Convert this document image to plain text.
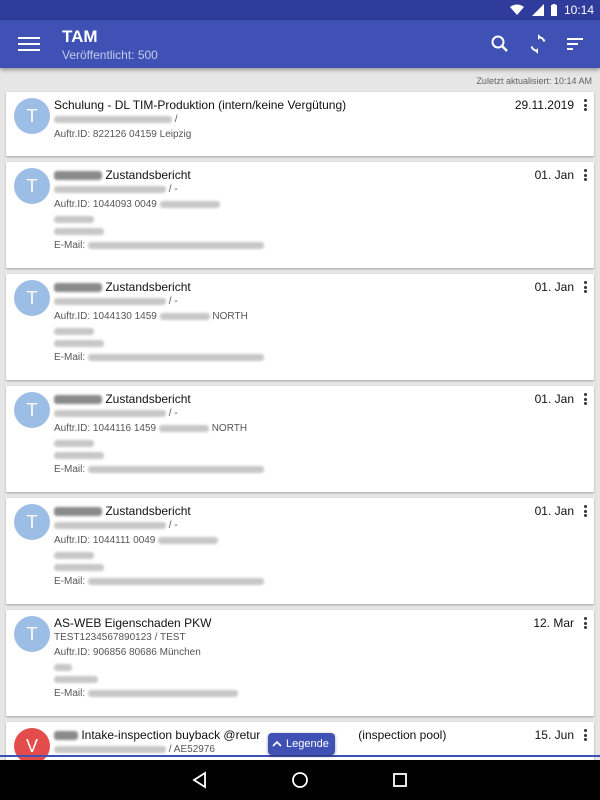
10:14
TAM
Veröffentlicht: 500
Zuletzt aktualisiert: 10:14 AM
T
Schulung - DL TIM-Produktion (intern/keine Vergütung)	29.11.2019
/
Auftr.ID: 822126 04159 Leipzig
T
Zustandsbericht	01. Jan
/ -
Auftr.ID: 1044093 0049
E-Mail:
T
Zustandsbericht	01. Jan
/ -
Auftr.ID: 1044130 1459	NORTH
E-Mail:
T
Zustandsbericht	01. Jan
/ -
Auftr.ID: 1044116 1459	NORTH
E-Mail:
T
Zustandsbericht	01. Jan
/ -
Auftr.ID: 1044111 0049
E-Mail:
T
AS-WEB Eigenschaden PKW	12. Mar
TEST1234567890123 / TEST
Auftr.ID: 906856 80686 München
E-Mail:
V
Intake-inspection buyback @retur	(inspection pool)	15. Jun
/ AE52976	Legende
